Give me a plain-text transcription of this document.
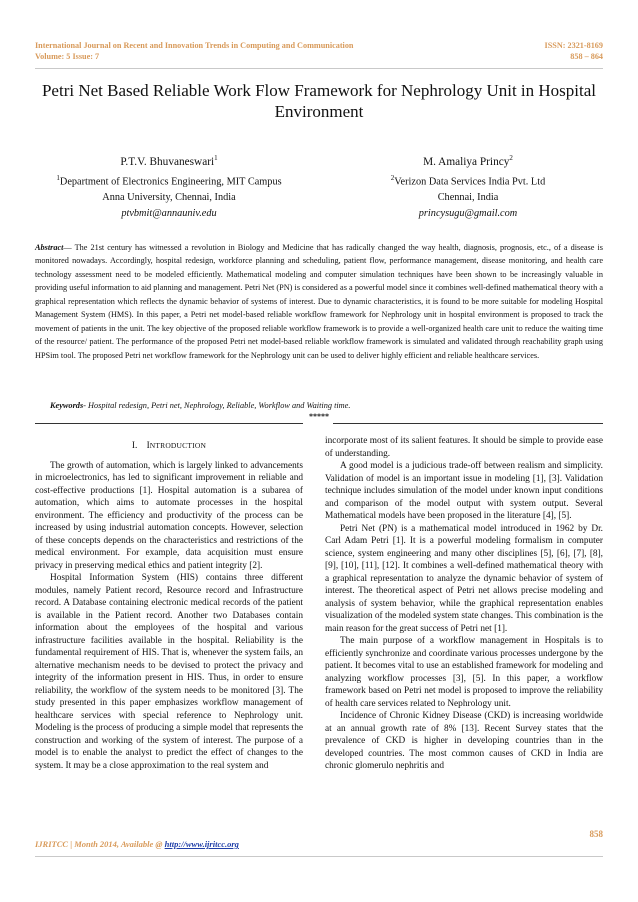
International Journal on Recent and Innovation Trends in Computing and Communication
Volume: 5 Issue: 7
ISSN: 2321-8169
858 – 864
Petri Net Based Reliable Work Flow Framework for Nephrology Unit in Hospital
Environment
P.T.V. Bhuvaneswari$^1$
$^1$Department of Electronics Engineering, MIT Campus
Anna University, Chennai, India
ptvbmit@annauniv.edu
M. Amaliya Princy$^2$
$^2$Verizon Data Services India Pvt. Ltd
Chennai, India
princysugu@gmail.com
Abstract— The 21st century has witnessed a revolution in Biology and Medicine that has radically changed the way health, diagnosis, prognosis, etc., of a disease is monitored nowadays. Accordingly, hospital redesign, workforce planning and scheduling, patient flow, performance management, disease monitoring, and health care technology assessment need to be modeled efficiently. Mathematical modeling and computer simulation techniques have been shown to be increasingly valuable in providing useful information to aid planning and management. Petri Net (PN) is considered as a powerful model since it combines well-defined mathematical theory with a graphical representation which reflects the dynamic behavior of systems of interest. Due to dynamic characteristics, it is found to be more suitable for modeling Hospital Management System (HMS). In this paper, a Petri net model-based reliable workflow framework for Nephrology unit in hospital environment is proposed to track the movement of patients in the unit. The key objective of the proposed reliable workflow framework is to provide a well-organized health care unit to reduce the waiting time of the resource/ patient. The performance of the proposed Petri net model-based reliable workflow framework is simulated and validated through reachability graph using HPSim tool. The proposed Petri net workflow framework for the Nephrology unit can be used to deliver highly efficient and reliable healthcare services.
Keywords- Hospital redesign, Petri net, Nephrology, Reliable, Workflow and Waiting time.
*****
I. INTRODUCTION

The growth of automation, which is largely linked to advancements in microelectronics, has led to significant improvement in reliable and cost-effective productions [1]. Hospital automation is a subarea of automation, which aims to automate processes in the hospital environment. The efficiency and productivity of the process can be increased by using industrial automation concepts. However, selection of these concepts depends on the characteristics and restrictions of the medical environment. For example, data acquisition must ensure privacy in preserving medical ethics and patient integrity [2].

Hospital Information System (HIS) contains three different modules, namely Patient record, Resource record and Infrastructure record. A Database containing electronic medical records of the patient is available in the Patient record. Another two Databases contain information about the employees of the hospital and various infrastructure facilities available in the hospital. Reliability is the fundamental requirement of HIS. That is, whenever the system fails, an alternative mechanism needs to be devised to protect the privacy and integrity of the information present in HIS. Thus, in order to ensure reliability, the workflow of the system needs to be monitored [3]. The study presented in this paper emphasizes workflow management of healthcare services with special reference to Nephrology unit. Modeling is the process of producing a simple model that represents the construction and working of the system of interest. The purpose of a model is to enable the analyst to predict the effect of changes to the system. It may be a close approximation to the real system and

incorporate most of its salient features. It should be simple to provide ease of understanding.

A good model is a judicious trade-off between realism and simplicity. Validation of model is an important issue in modeling [1], [3]. Validation technique includes simulation of the model under known input conditions and comparison of the model output with system output. Several Mathematical models have been proposed in the literature [4], [5].

Petri Net (PN) is a mathematical model introduced in 1962 by Dr. Carl Adam Petri [1]. It is a powerful modeling formalism in computer science, system engineering and many other disciplines [5], [6], [7], [8], [9], [10], [11], [12]. It combines a well-defined mathematical theory with a graphical representation to analyze the dynamic behavior of system of interest. The theoretical aspect of Petri net allows precise modeling and analysis of system behavior, while the graphical representation enables visualization of the modeled system state changes. This combination is the main reason for the great success of Petri net [1].

The main purpose of a workflow management in Hospitals is to efficiently synchronize and coordinate various processes undergone by the patient. It becomes vital to use an established framework for modeling and analyzing workflow processes [3], [5]. In this paper, a workflow framework based on Petri net model is proposed to improve the reliability of health care services related to Nephrology unit.

Incidence of Chronic Kidney Disease (CKD) is increasing worldwide at an annual growth rate of 8% [13]. Recent Survey states that the prevalence of CKD is higher in developing countries than in the developed countries. The most common causes of CKD in India are chronic glomerulo nephritis and

858
IJRITCC | Month 2014, Available @ http://www.ijritcc.org
